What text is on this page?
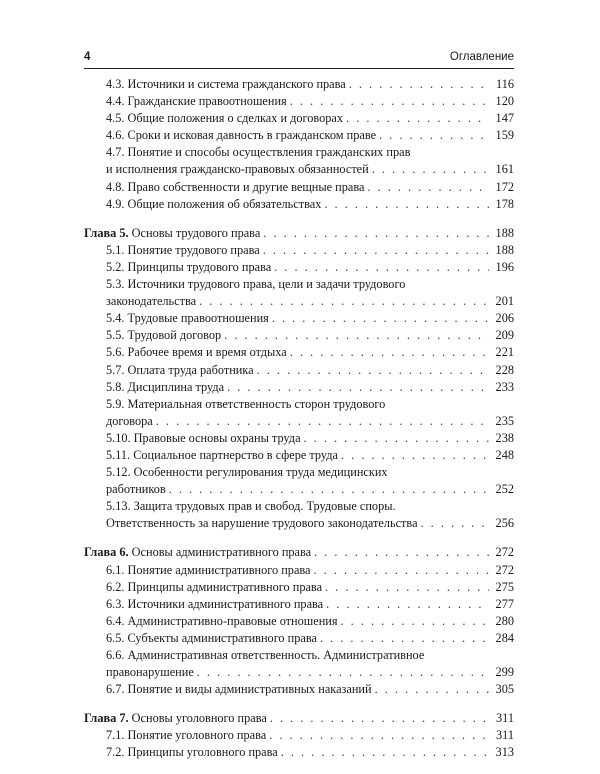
4	Оглавление
4.3. Источники и система гражданского права . . .	116
4.4. Гражданские правоотношения . . .	120
4.5. Общие положения о сделках и договорах . . .	147
4.6. Сроки и исковая давность в гражданском праве . . .	159
4.7. Понятие и способы осуществления гражданских прав
и исполнения гражданско-правовых обязанностей . . .	161
4.8. Право собственности и другие вещные права . . .	172
4.9. Общие положения об обязательствах . . .	178
Глава 5. Основы трудового права . . .	188
5.1. Понятие трудового права . . .	188
5.2. Принципы трудового права . . .	196
5.3. Источники трудового права, цели и задачи трудового
законодательства . . .	201
5.4. Трудовые правоотношения . . .	206
5.5. Трудовой договор . . .	209
5.6. Рабочее время и время отдыха . . .	221
5.7. Оплата труда работника . . .	228
5.8. Дисциплина труда . . .	233
5.9. Материальная ответственность сторон трудового
договора . . .	235
5.10. Правовые основы охраны труда . . .	238
5.11. Социальное партнерство в сфере труда . . .	248
5.12. Особенности регулирования труда медицинских
работников . . .	252
5.13. Защита трудовых прав и свобод. Трудовые споры.
Ответственность за нарушение трудового законодательства . . .	256
Глава 6. Основы административного права . . .	272
6.1. Понятие административного права . . .	272
6.2. Принципы административного права . . .	275
6.3. Источники административного права . . .	277
6.4. Административно-правовые отношения . . .	280
6.5. Субъекты административного права . . .	284
6.6. Административная ответственность. Административное
правонарушение . . .	299
6.7. Понятие и виды административных наказаний . . .	305
Глава 7. Основы уголовного права . . .	311
7.1. Понятие уголовного права . . .	311
7.2. Принципы уголовного права . . .	313
